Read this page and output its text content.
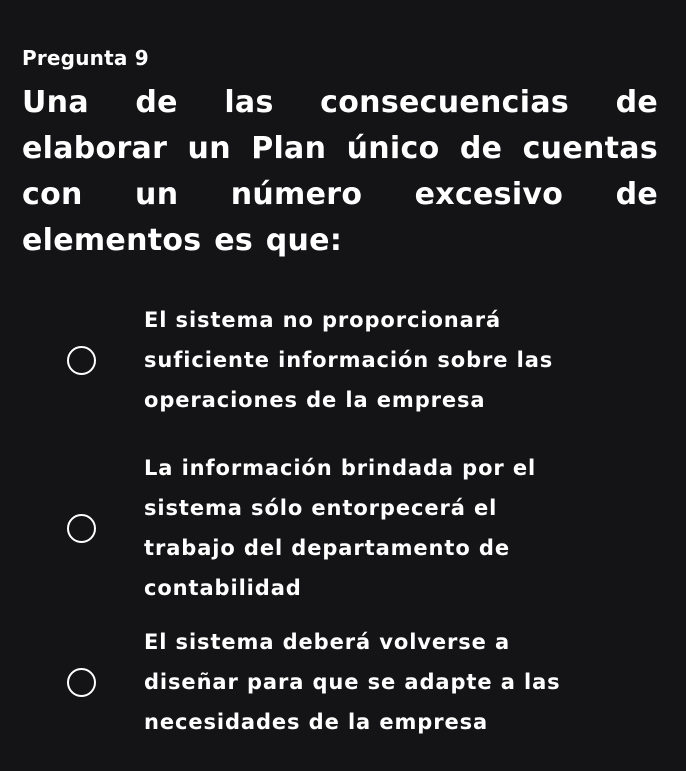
Pregunta 9
Una de las consecuencias de elaborar un Plan único de cuentas con un número excesivo de elementos es que:
El sistema no proporcionará
suficiente información sobre las
operaciones de la empresa
La información brindada por el
sistema sólo entorpecerá el
trabajo del departamento de
contabilidad
El sistema deberá volverse a
diseñar para que se adapte a las
necesidades de la empresa
